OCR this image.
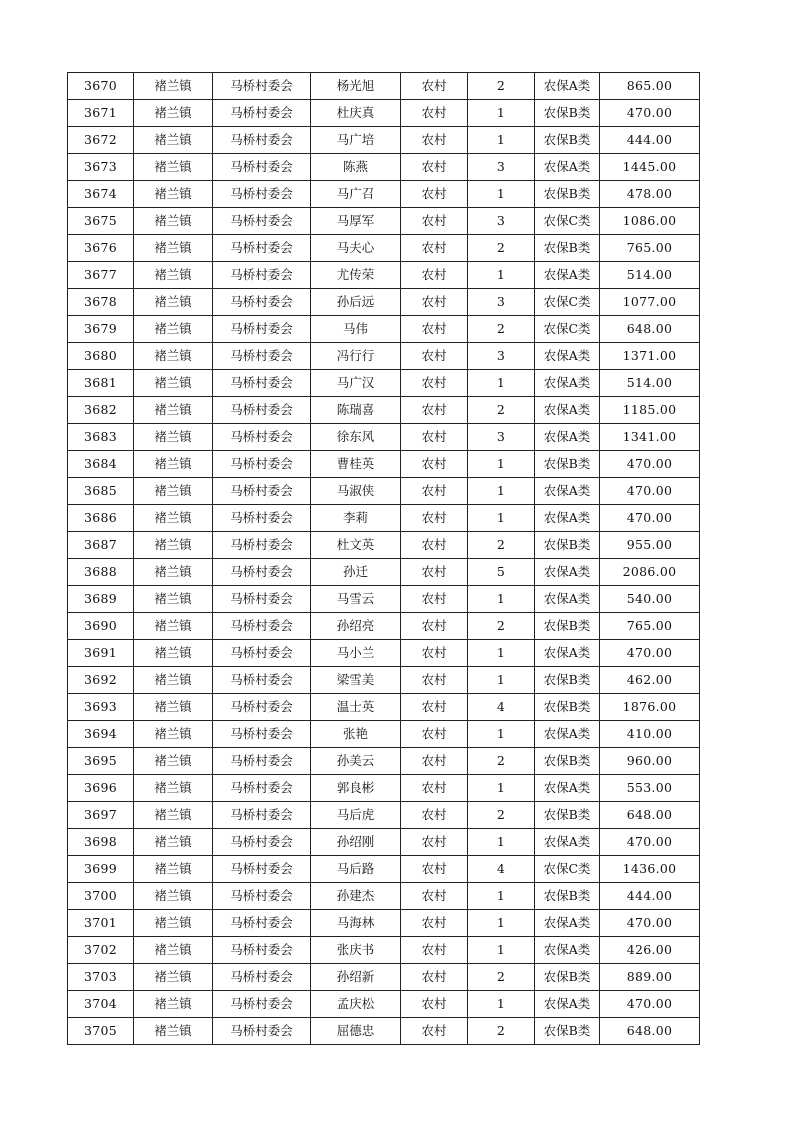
3670	褚兰镇	马桥村委会	杨光旭	农村	2	农保A类	865.00
3671	褚兰镇	马桥村委会	杜庆真	农村	1	农保B类	470.00
3672	褚兰镇	马桥村委会	马广培	农村	1	农保B类	444.00
3673	褚兰镇	马桥村委会	陈燕	农村	3	农保A类	1445.00
3674	褚兰镇	马桥村委会	马广召	农村	1	农保B类	478.00
3675	褚兰镇	马桥村委会	马厚军	农村	3	农保C类	1086.00
3676	褚兰镇	马桥村委会	马夫心	农村	2	农保B类	765.00
3677	褚兰镇	马桥村委会	尤传荣	农村	1	农保A类	514.00
3678	褚兰镇	马桥村委会	孙后远	农村	3	农保C类	1077.00
3679	褚兰镇	马桥村委会	马伟	农村	2	农保C类	648.00
3680	褚兰镇	马桥村委会	冯行行	农村	3	农保A类	1371.00
3681	褚兰镇	马桥村委会	马广汉	农村	1	农保A类	514.00
3682	褚兰镇	马桥村委会	陈瑞喜	农村	2	农保A类	1185.00
3683	褚兰镇	马桥村委会	徐东风	农村	3	农保A类	1341.00
3684	褚兰镇	马桥村委会	曹桂英	农村	1	农保B类	470.00
3685	褚兰镇	马桥村委会	马淑侠	农村	1	农保A类	470.00
3686	褚兰镇	马桥村委会	李莉	农村	1	农保A类	470.00
3687	褚兰镇	马桥村委会	杜文英	农村	2	农保B类	955.00
3688	褚兰镇	马桥村委会	孙迁	农村	5	农保A类	2086.00
3689	褚兰镇	马桥村委会	马雪云	农村	1	农保A类	540.00
3690	褚兰镇	马桥村委会	孙绍亮	农村	2	农保B类	765.00
3691	褚兰镇	马桥村委会	马小兰	农村	1	农保A类	470.00
3692	褚兰镇	马桥村委会	梁雪美	农村	1	农保B类	462.00
3693	褚兰镇	马桥村委会	温士英	农村	4	农保B类	1876.00
3694	褚兰镇	马桥村委会	张艳	农村	1	农保A类	410.00
3695	褚兰镇	马桥村委会	孙美云	农村	2	农保B类	960.00
3696	褚兰镇	马桥村委会	郭良彬	农村	1	农保A类	553.00
3697	褚兰镇	马桥村委会	马后虎	农村	2	农保B类	648.00
3698	褚兰镇	马桥村委会	孙绍刚	农村	1	农保A类	470.00
3699	褚兰镇	马桥村委会	马后路	农村	4	农保C类	1436.00
3700	褚兰镇	马桥村委会	孙建杰	农村	1	农保B类	444.00
3701	褚兰镇	马桥村委会	马海林	农村	1	农保A类	470.00
3702	褚兰镇	马桥村委会	张庆书	农村	1	农保A类	426.00
3703	褚兰镇	马桥村委会	孙绍新	农村	2	农保B类	889.00
3704	褚兰镇	马桥村委会	孟庆松	农村	1	农保A类	470.00
3705	褚兰镇	马桥村委会	屈德忠	农村	2	农保B类	648.00
